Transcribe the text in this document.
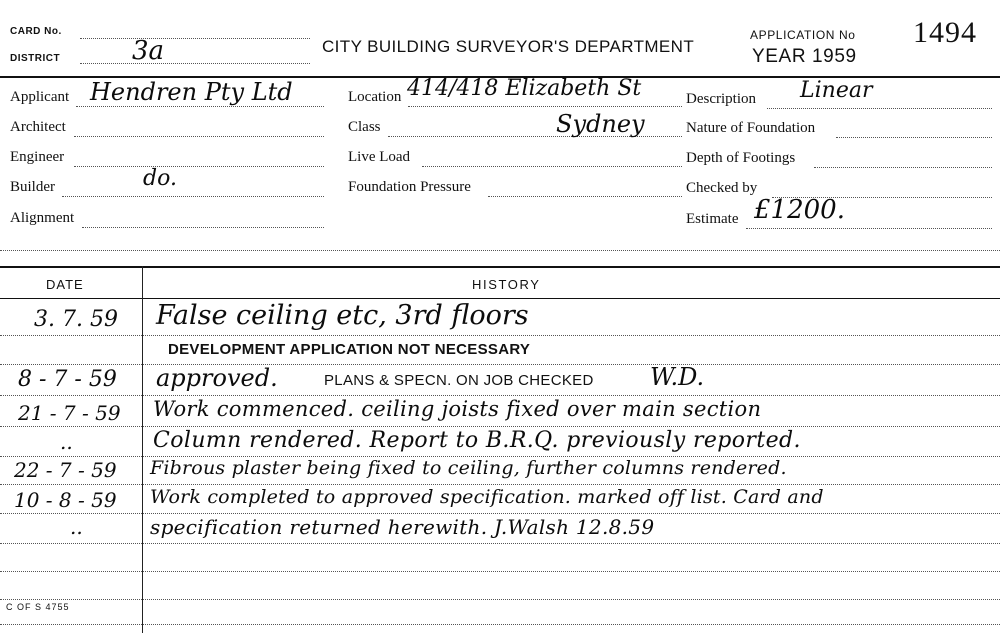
CARD No.
DISTRICT	3a	CITY BUILDING SURVEYOR'S DEPARTMENT
APPLICATION No 1494
YEAR 1959
Applicant Hendren Pty Ltd
Architect
Engineer
Builder	do.
Alignment
Location 414/418 Elizabeth St
Class	Sydney
Live Load
Foundation Pressure
Description Linear
Nature of Foundation
Depth of Footings
Checked by
Estimate £1200.
DATE	HISTORY
3. 7. 59 False ceiling etc, 3rd floors
DEVELOPMENT APPLICATION NOT NECESSARY
8 - 7 - 59 approved.	PLANS & SPECN. ON JOB CHECKED W.D.
21 - 7 - 59 Work commenced. ceiling joists fixed over main section
..	Column rendered. Report to B.R.Q. previously reported.
22 - 7 - 59 Fibrous plaster being fixed to ceiling, further columns rendered.
10 - 8 - 59 Work completed to approved specification. marked off list. Card and
..	specification returned herewith. J.Walsh 12.8.59
C OF S 4755
